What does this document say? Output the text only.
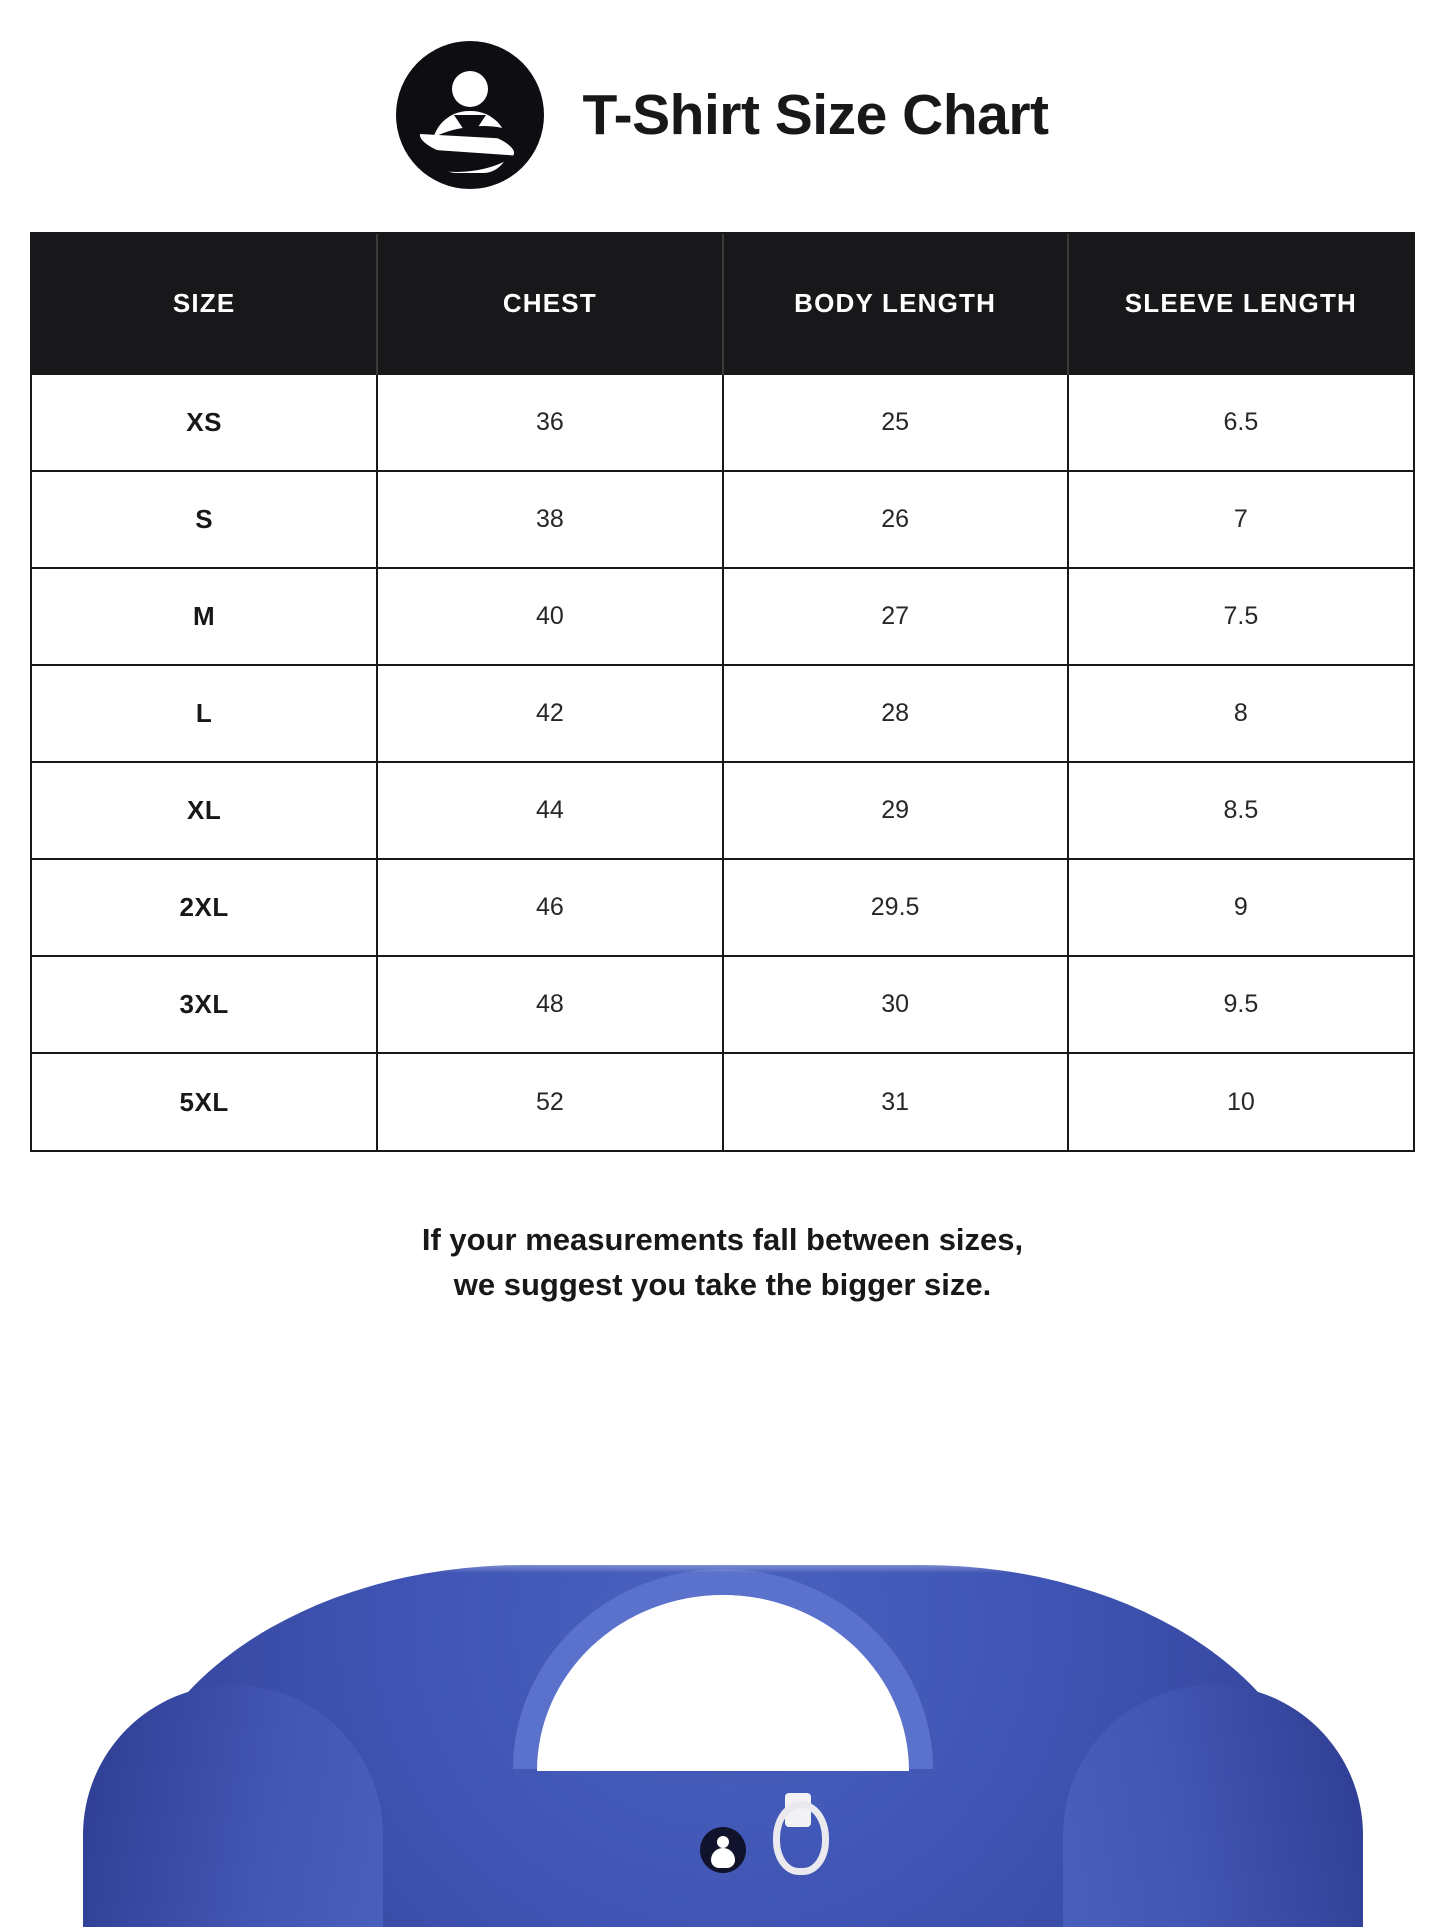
T-Shirt Size Chart
SIZE	CHEST	BODY LENGTH	SLEEVE LENGTH
XS	36	25	6.5
S	38	26	7
M	40	27	7.5
L	42	28	8
XL	44	29	8.5
2XL	46	29.5	9
3XL	48	30	9.5
5XL	52	31	10
If your measurements fall between sizes,
we suggest you take the bigger size.
